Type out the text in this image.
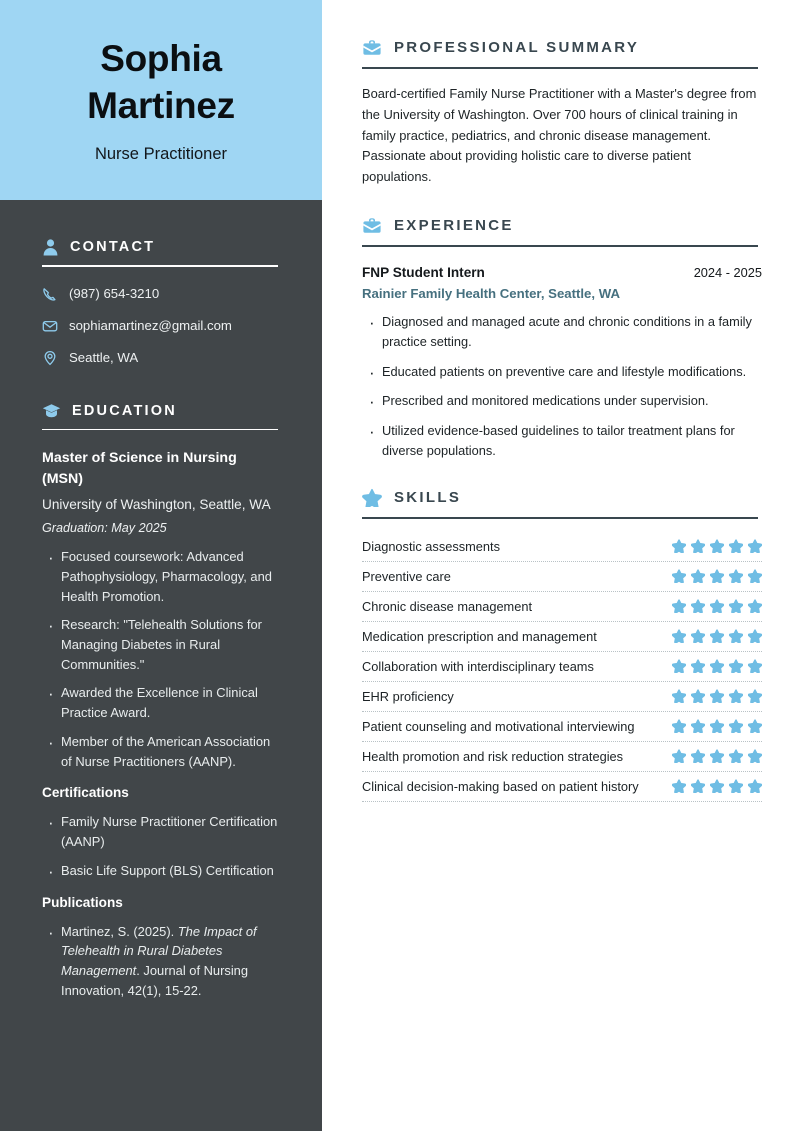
Sophia
Martinez
Nurse Practitioner
CONTACT
(987) 654-3210
sophiamartinez@gmail.com
Seattle, WA
EDUCATION
Master of Science in Nursing (MSN)
University of Washington, Seattle, WA
Graduation: May 2025
· Focused coursework: Advanced Pathophysiology, Pharmacology, and Health Promotion.
· Research: "Telehealth Solutions for Managing Diabetes in Rural Communities."
· Awarded the Excellence in Clinical Practice Award.
· Member of the American Association of Nurse Practitioners (AANP).
Certifications
· Family Nurse Practitioner Certification (AANP)
· Basic Life Support (BLS) Certification
Publications
· Martinez, S. (2025). The Impact of Telehealth in Rural Diabetes Management. Journal of Nursing Innovation, 42(1), 15-22.
PROFESSIONAL SUMMARY
Board-certified Family Nurse Practitioner with a Master's degree from the University of Washington. Over 700 hours of clinical training in family practice, pediatrics, and chronic disease management. Passionate about providing holistic care to diverse patient populations.
EXPERIENCE
FNP Student Intern	2024 - 2025
Rainier Family Health Center, Seattle, WA
· Diagnosed and managed acute and chronic conditions in a family practice setting.
· Educated patients on preventive care and lifestyle modifications.
· Prescribed and monitored medications under supervision.
· Utilized evidence-based guidelines to tailor treatment plans for diverse populations.
SKILLS
Diagnostic assessments
Preventive care
Chronic disease management
Medication prescription and management
Collaboration with interdisciplinary teams
EHR proficiency
Patient counseling and motivational interviewing
Health promotion and risk reduction strategies
Clinical decision-making based on patient history
